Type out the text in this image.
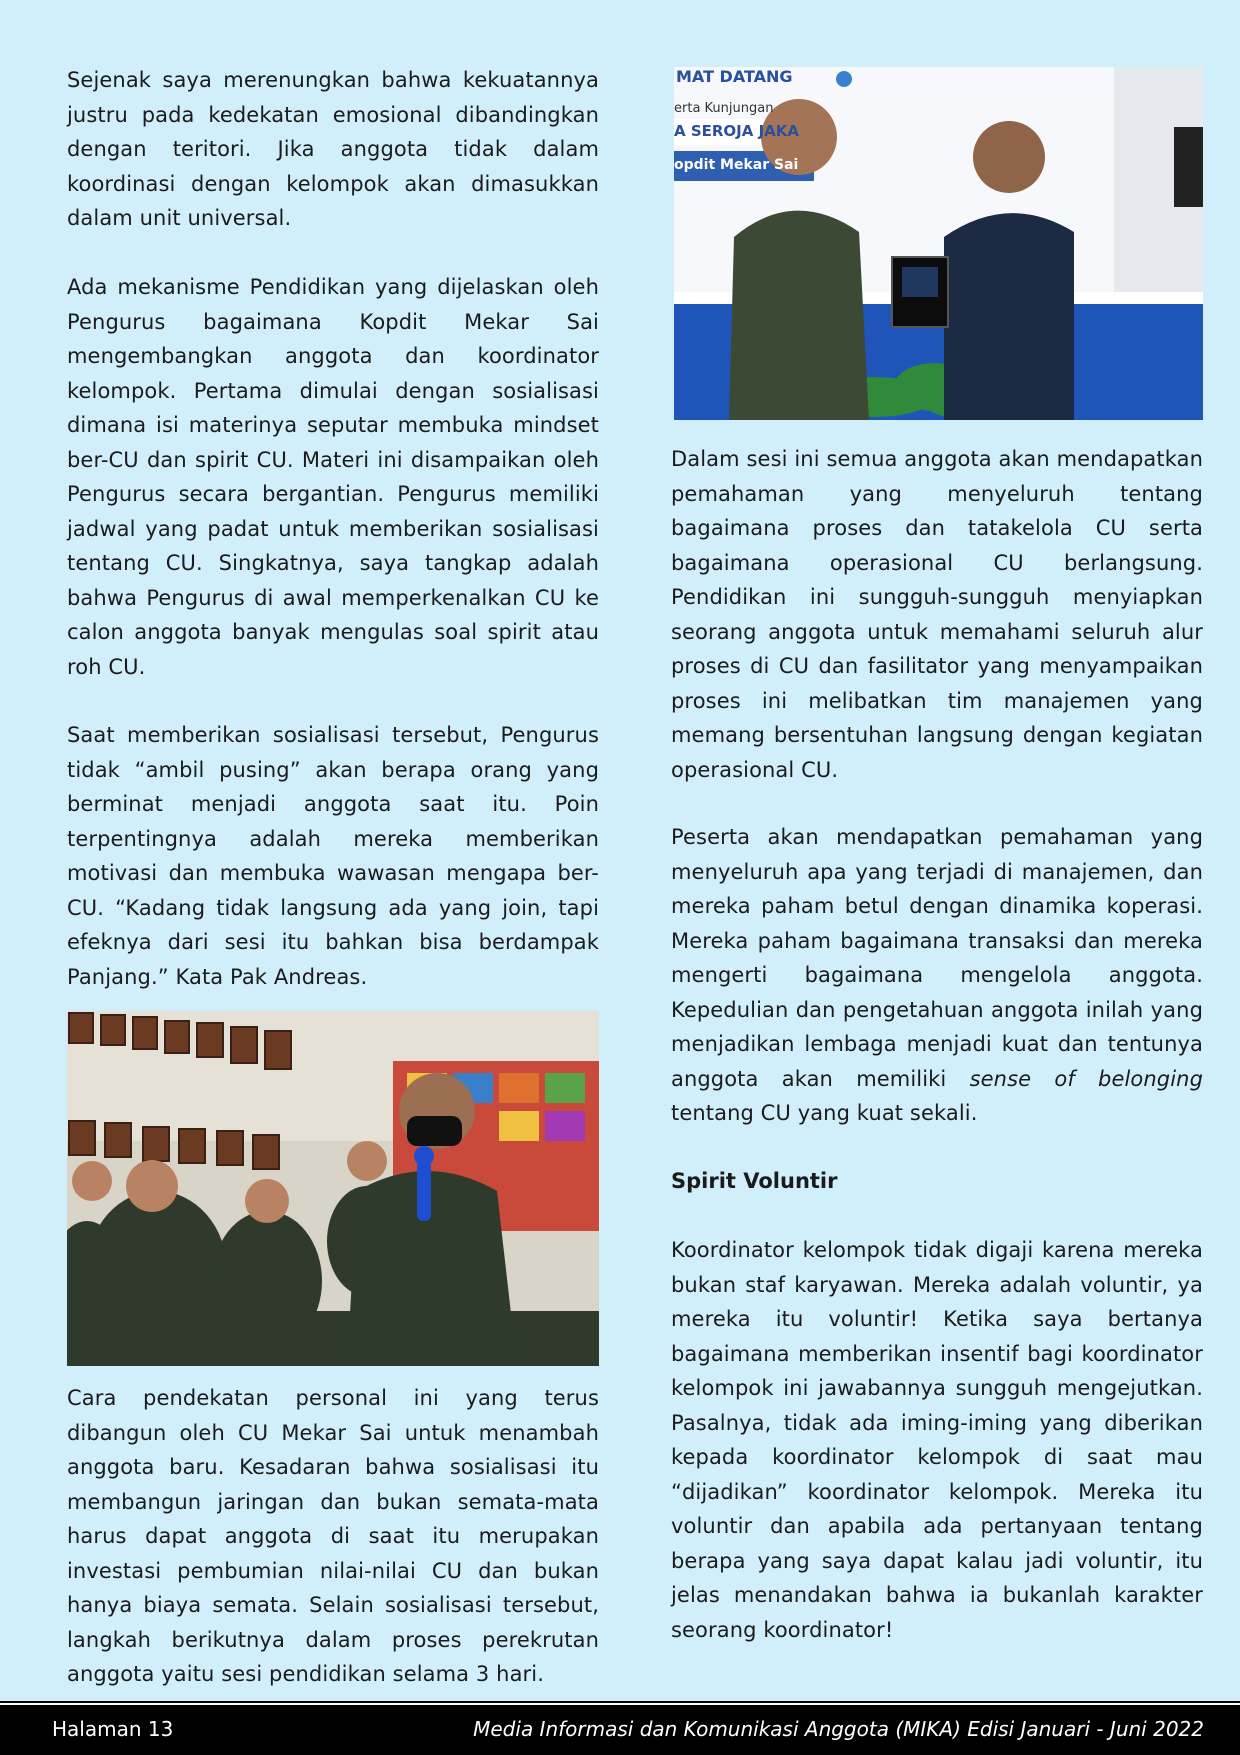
Sejenak saya merenungkan bahwa kekuatannya justru pada kedekatan emosional dibandingkan dengan teritori. Jika anggota tidak dalam koordinasi dengan kelompok akan dimasukkan dalam unit universal.

Ada mekanisme Pendidikan yang dijelaskan oleh Pengurus bagaimana Kopdit Mekar Sai mengembangkan anggota dan koordinator kelompok. Pertama dimulai dengan sosialisasi dimana isi materinya seputar membuka mindset ber-CU dan spirit CU. Materi ini disampaikan oleh Pengurus secara bergantian. Pengurus memiliki jadwal yang padat untuk memberikan sosialisasi tentang CU. Singkatnya, saya tangkap adalah bahwa Pengurus di awal memperkenalkan CU ke calon anggota banyak mengulas soal spirit atau roh CU.

Saat memberikan sosialisasi tersebut, Pengurus tidak “ambil pusing” akan berapa orang yang berminat menjadi anggota saat itu. Poin terpentingnya adalah mereka memberikan motivasi dan membuka wawasan mengapa ber-CU. “Kadang tidak langsung ada yang join, tapi efeknya dari sesi itu bahkan bisa berdampak Panjang.” Kata Pak Andreas.

Cara pendekatan personal ini yang terus dibangun oleh CU Mekar Sai untuk menambah anggota baru. Kesadaran bahwa sosialisasi itu membangun jaringan dan bukan semata-mata harus dapat anggota di saat itu merupakan investasi pembumian nilai-nilai CU dan bukan hanya biaya semata. Selain sosialisasi tersebut, langkah berikutnya dalam proses perekrutan anggota yaitu sesi pendidikan selama 3 hari.

MAT DATANG
erta Kunjungan
A SEROJA JAKA
opdit Mekar Sai

Dalam sesi ini semua anggota akan mendapatkan pemahaman yang menyeluruh tentang bagaimana proses dan tatakelola CU serta bagaimana operasional CU berlangsung. Pendidikan ini sungguh-sungguh menyiapkan seorang anggota untuk memahami seluruh alur proses di CU dan fasilitator yang menyampaikan proses ini melibatkan tim manajemen yang memang bersentuhan langsung dengan kegiatan operasional CU.

Peserta akan mendapatkan pemahaman yang menyeluruh apa yang terjadi di manajemen, dan mereka paham betul dengan dinamika koperasi. Mereka paham bagaimana transaksi dan mereka mengerti bagaimana mengelola anggota. Kepedulian dan pengetahuan anggota inilah yang menjadikan lembaga menjadi kuat dan tentunya anggota akan memiliki sense of belonging tentang CU yang kuat sekali.

Spirit Voluntir

Koordinator kelompok tidak digaji karena mereka bukan staf karyawan. Mereka adalah voluntir, ya mereka itu voluntir! Ketika saya bertanya bagaimana memberikan insentif bagi koordinator kelompok ini jawabannya sungguh mengejutkan. Pasalnya, tidak ada iming-iming yang diberikan kepada koordinator kelompok di saat mau “dijadikan” koordinator kelompok. Mereka itu voluntir dan apabila ada pertanyaan tentang berapa yang saya dapat kalau jadi voluntir, itu jelas menandakan bahwa ia bukanlah karakter seorang koordinator!

Halaman 13	Media Informasi dan Komunikasi Anggota (MIKA) Edisi Januari - Juni 2022
